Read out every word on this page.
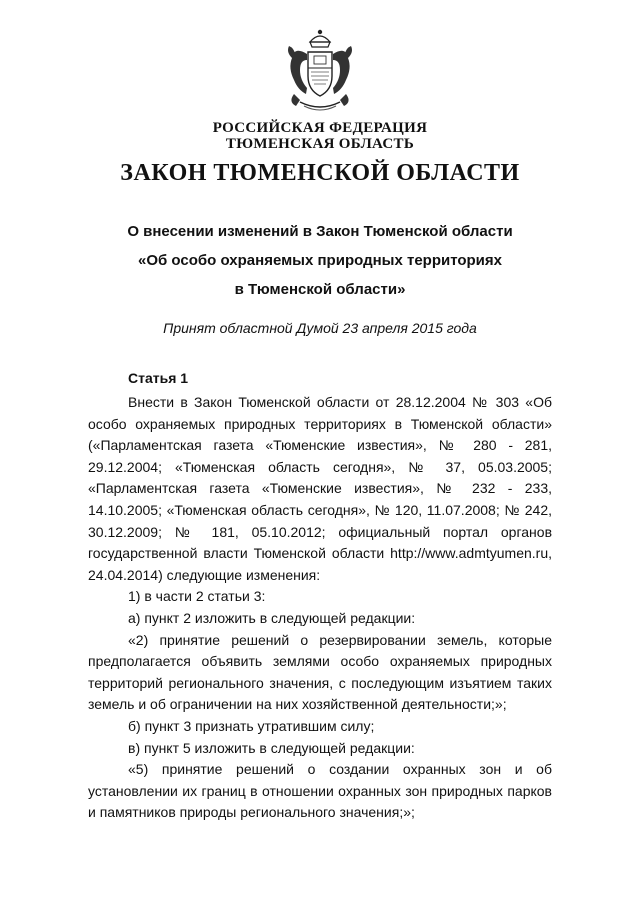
РОССИЙСКАЯ ФЕДЕРАЦИЯ
ТЮМЕНСКАЯ ОБЛАСТЬ
ЗАКОН ТЮМЕНСКОЙ ОБЛАСТИ
О внесении изменений в Закон Тюменской области
«Об особо охраняемых природных территориях
в Тюменской области»
Принят областной Думой 23 апреля 2015 года
Статья 1

Внести в Закон Тюменской области от 28.12.2004 № 303 «Об особо охраняемых природных территориях в Тюменской области» («Парламентская газета «Тюменские известия», № 280 - 281, 29.12.2004; «Тюменская область сегодня», № 37, 05.03.2005; «Парламентская газета «Тюменские известия», № 232 - 233, 14.10.2005; «Тюменская область сегодня», № 120, 11.07.2008; № 242, 30.12.2009; № 181, 05.10.2012; официальный портал органов государственной власти Тюменской области http://www.admtyumen.ru, 24.04.2014) следующие изменения:

1) в части 2 статьи 3:

а) пункт 2 изложить в следующей редакции:

«2) принятие решений о резервировании земель, которые предполагается объявить землями особо охраняемых природных территорий регионального значения, с последующим изъятием таких земель и об ограничении на них хозяйственной деятельности;»;

б) пункт 3 признать утратившим силу;

в) пункт 5 изложить в следующей редакции:

«5) принятие решений о создании охранных зон и об установлении их границ в отношении охранных зон природных парков и памятников природы регионального значения;»;
